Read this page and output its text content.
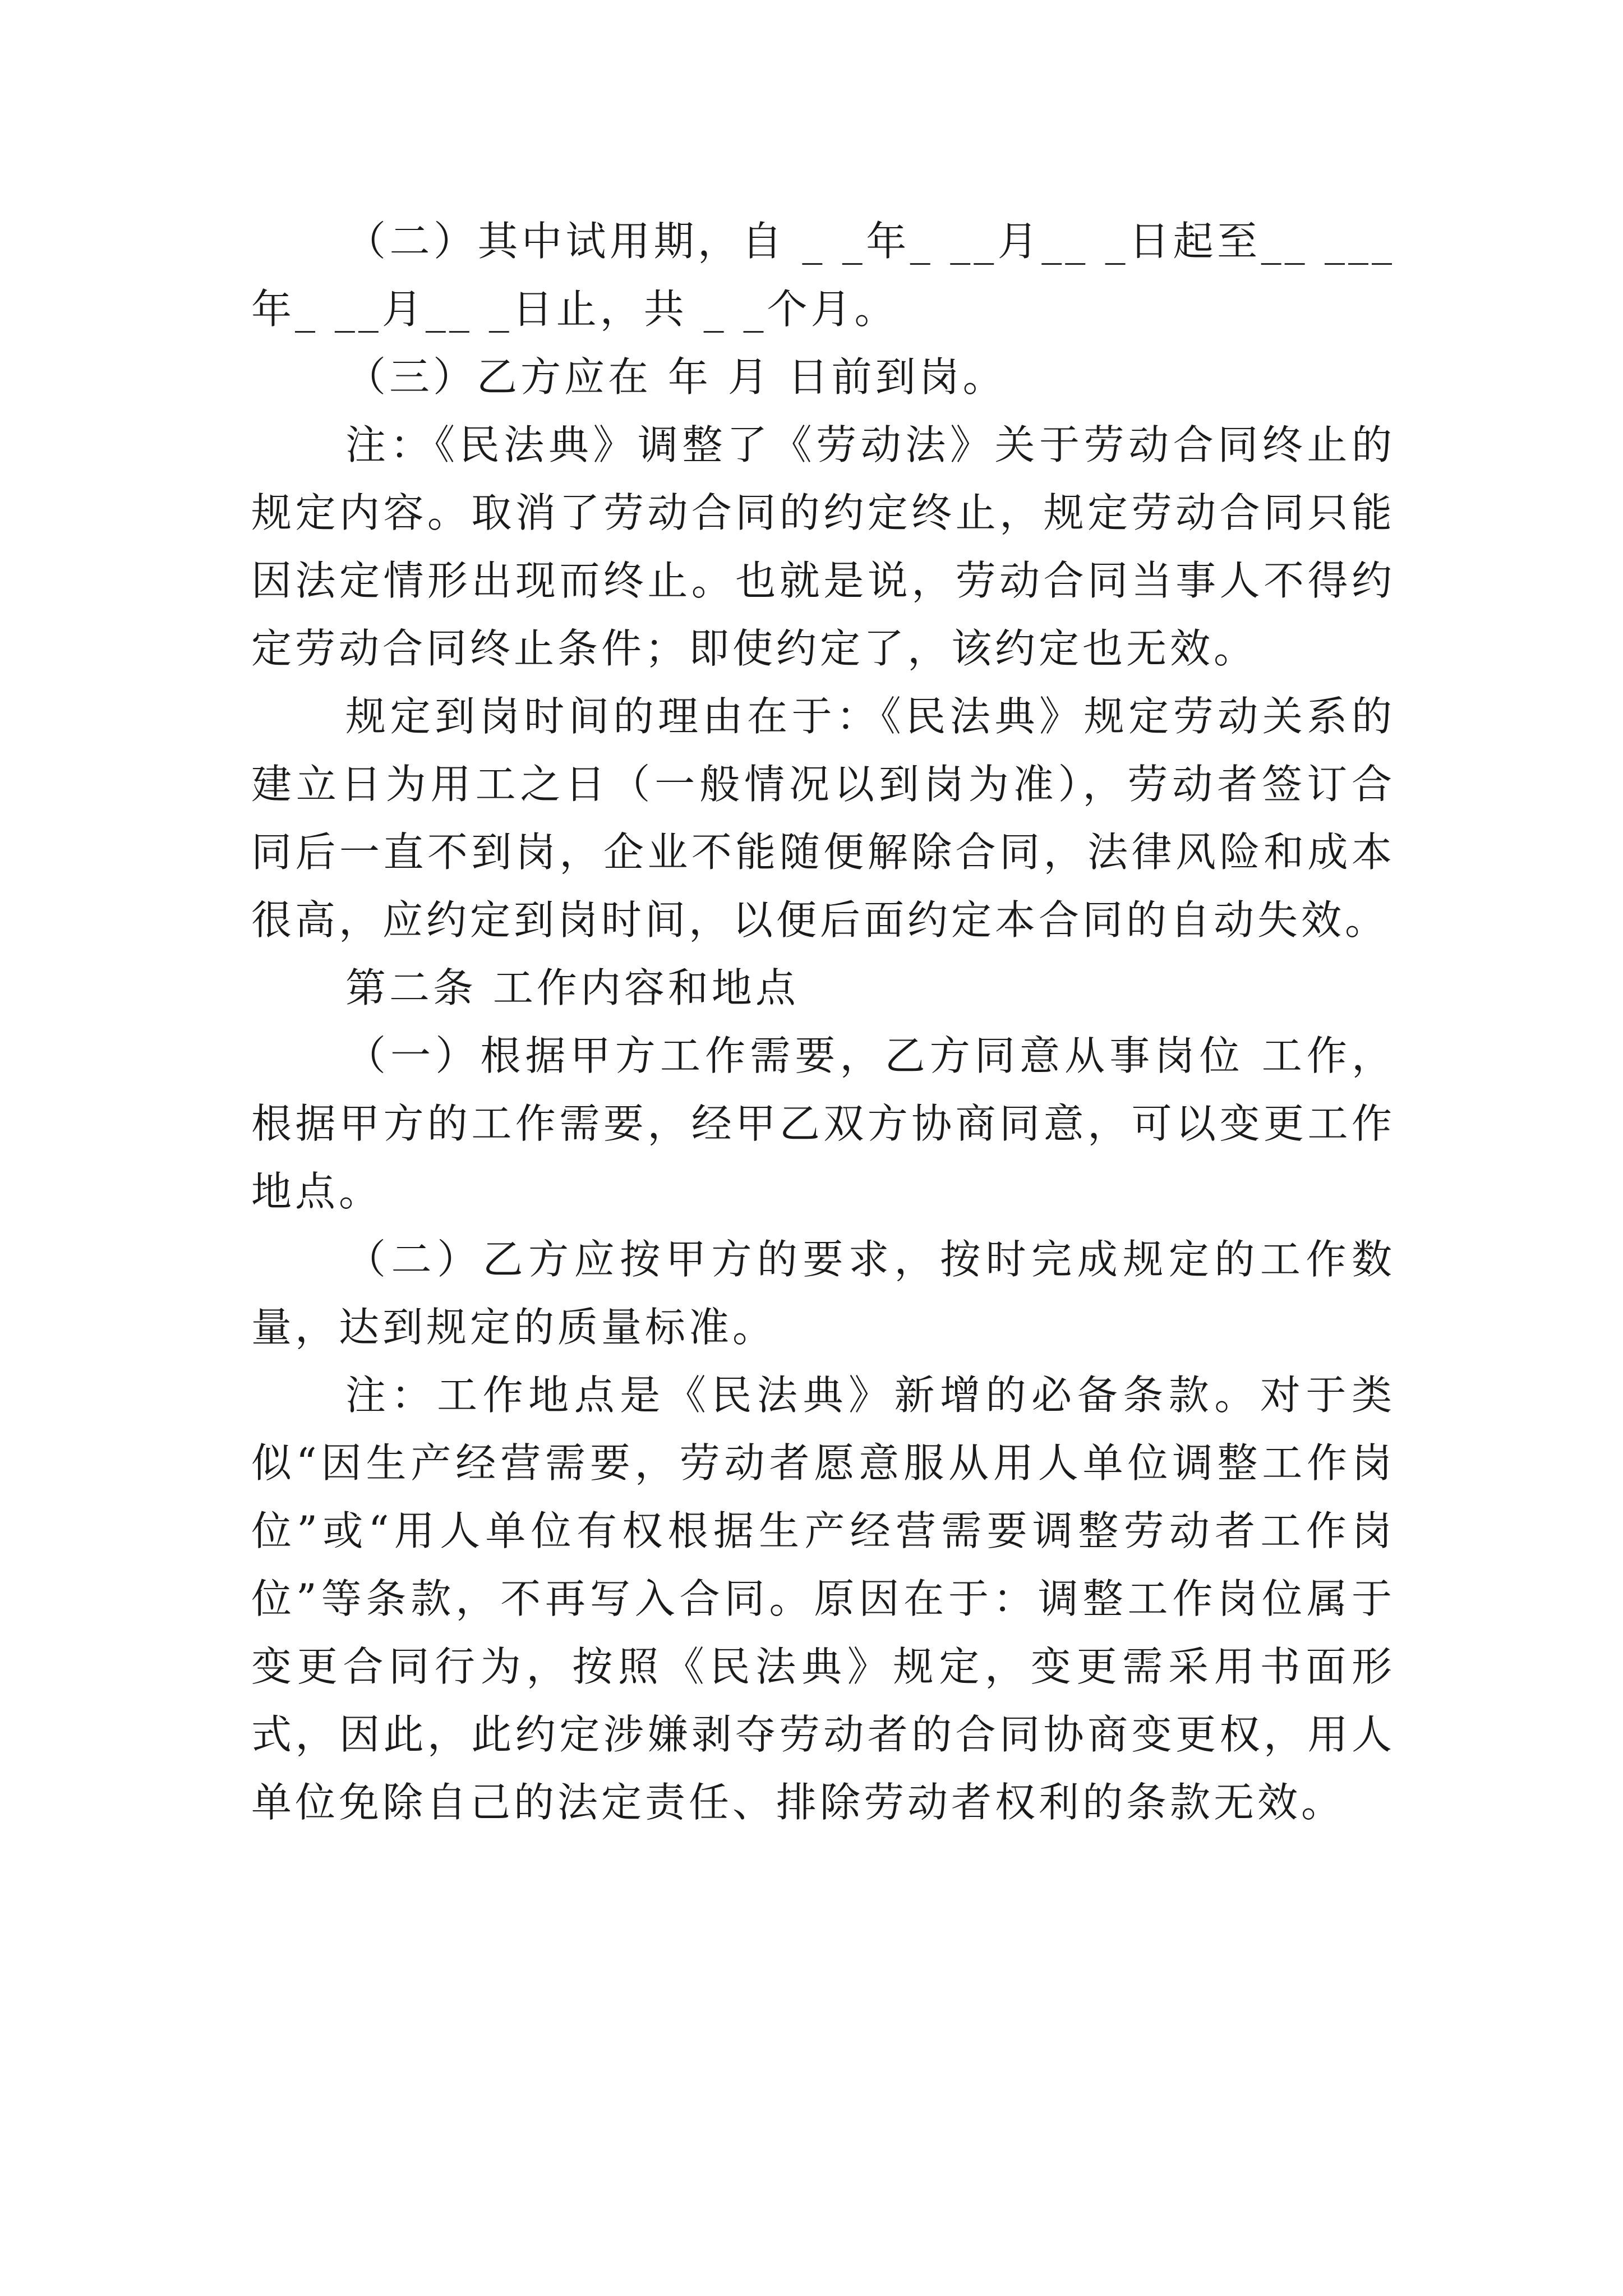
（二）其中试用期，自 _ _年_ __月__ _日起至__ ___年_ __月__ _日止，共 _ _个月。

（三）乙方应在 年 月 日前到岗。

注：《民法典》调整了《劳动法》关于劳动合同终止的规定内容。取消了劳动合同的约定终止，规定劳动合同只能因法定情形出现而终止。也就是说，劳动合同当事人不得约定劳动合同终止条件；即使约定了，该约定也无效。

规定到岗时间的理由在于：《民法典》规定劳动关系的建立日为用工之日（一般情况以到岗为准），劳动者签订合同后一直不到岗，企业不能随便解除合同，法律风险和成本很高，应约定到岗时间，以便后面约定本合同的自动失效。

第二条 工作内容和地点

（一）根据甲方工作需要，乙方同意从事岗位 工作，根据甲方的工作需要，经甲乙双方协商同意，可以变更工作地点。

（二）乙方应按甲方的要求，按时完成规定的工作数量，达到规定的质量标准。

注：工作地点是《民法典》新增的必备条款。对于类似“因生产经营需要，劳动者愿意服从用人单位调整工作岗位”或“用人单位有权根据生产经营需要调整劳动者工作岗位”等条款，不再写入合同。原因在于：调整工作岗位属于变更合同行为，按照《民法典》规定，变更需采用书面形式，因此，此约定涉嫌剥夺劳动者的合同协商变更权，用人单位免除自己的法定责任、排除劳动者权利的条款无效。
